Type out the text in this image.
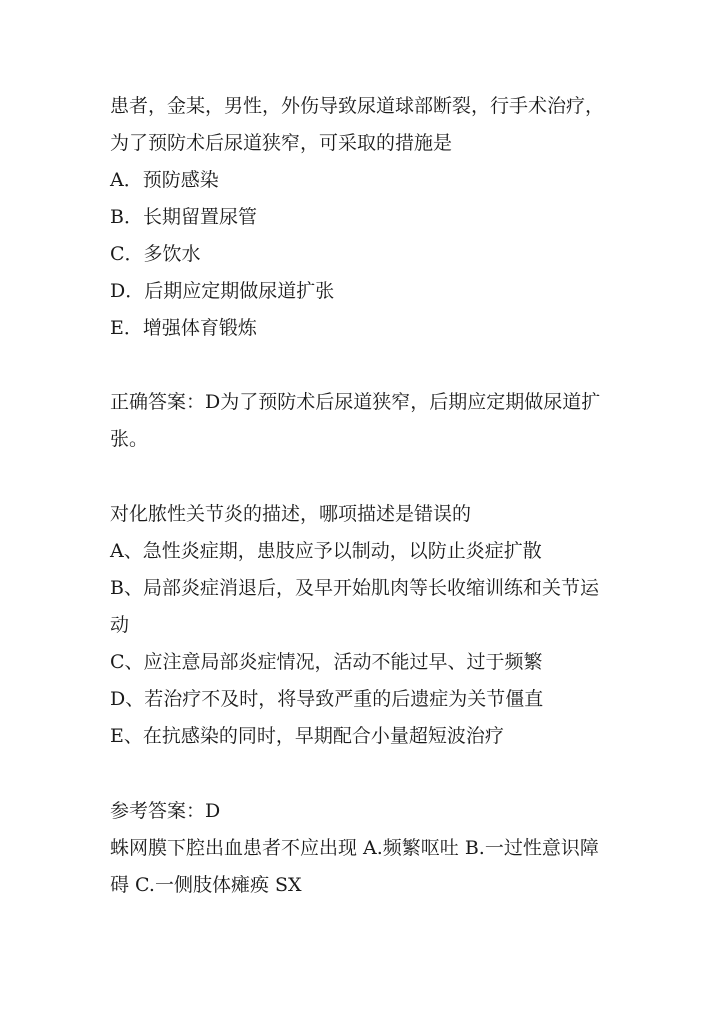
患者，金某，男性，外伤导致尿道球部断裂，行手术治疗，
为了预防术后尿道狭窄，可采取的措施是
A．预防感染
B．长期留置尿管
C．多饮水
D．后期应定期做尿道扩张
E．增强体育锻炼
正确答案：D为了预防术后尿道狭窄，后期应定期做尿道扩
张。
对化脓性关节炎的描述，哪项描述是错误的
A、急性炎症期，患肢应予以制动，以防止炎症扩散
B、局部炎症消退后，及早开始肌肉等长收缩训练和关节运
动
C、应注意局部炎症情况，活动不能过早、过于频繁
D、若治疗不及时，将导致严重的后遗症为关节僵直
E、在抗感染的同时，早期配合小量超短波治疗
参考答案：D
蛛网膜下腔出血患者不应出现 A.频繁呕吐 B.一过性意识障
碍 C.一侧肢体瘫痪 SX
